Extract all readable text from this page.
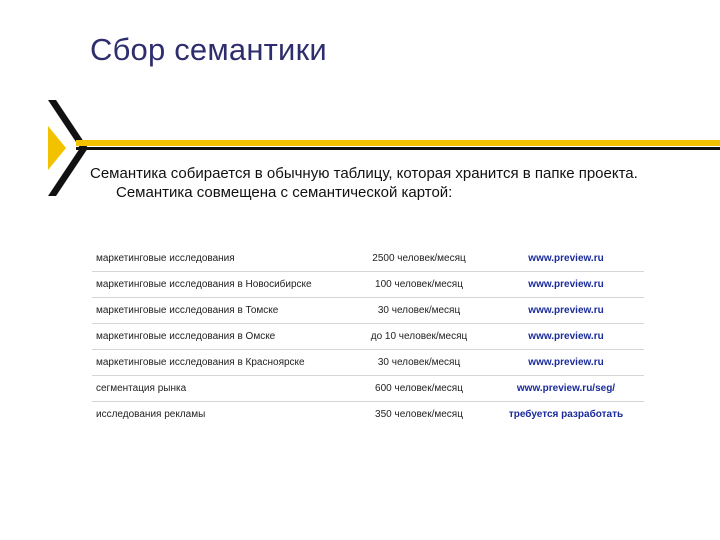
Сбор семантики
Семантика собирается в обычную таблицу, которая хранится в папке проекта.
Семантика совмещена с семантической картой:
маркетинговые исследования	2500 человек/месяц	www.preview.ru
маркетинговые исследования в Новосибирске	100 человек/месяц	www.preview.ru
маркетинговые исследования в Томске	30 человек/месяц	www.preview.ru
маркетинговые исследования в Омске	до 10 человек/месяц	www.preview.ru
маркетинговые исследования в Красноярске	30 человек/месяц	www.preview.ru
сегментация рынка	600 человек/месяц	www.preview.ru/seg/
исследования рекламы	350 человек/месяц	требуется разработать
